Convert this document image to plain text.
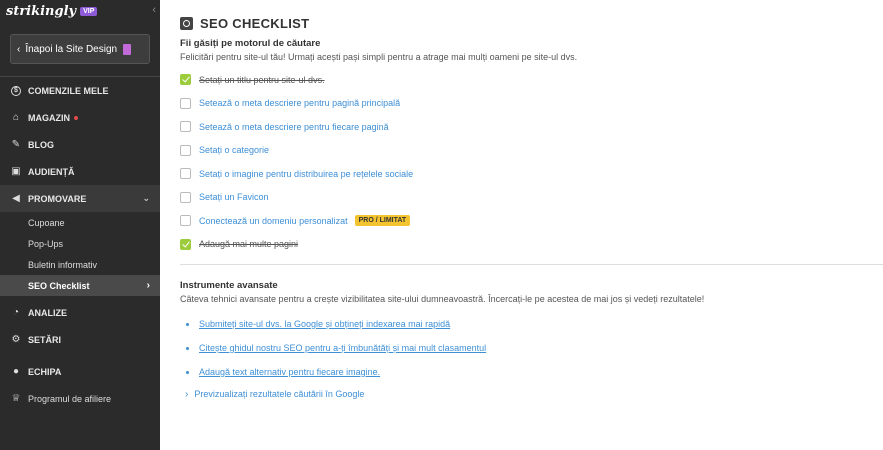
strikingly	VIP	‹
‹ Înapoi la Site Design
$	COMENZILE MELE
⌂ MAGAZIN
✎ BLOG
▣ AUDIENȚĂ
◀ PROMOVARE	⌄
Cupoane
Pop-Ups
Buletin informativ
SEO Checklist	›
◔ ANALIZE
⚙ SETĂRI
● ECHIPA
♕ Programul de afiliere
SEO CHECKLIST
Fii găsiți pe motorul de căutare
Felicitări pentru site-ul tău! Urmați acești pași simpli pentru a atrage mai mulți oameni pe site-ul dvs.
Setați un titlu pentru site-ul dvs.
Setează o meta descriere pentru pagină principală
Setează o meta descriere pentru fiecare pagină
Setați o categorie
Setați o imagine pentru distribuirea pe rețelele sociale
Setați un Favicon
Conectează un domeniu personalizat	PRO / LIMITAT
Adaugă mai multe pagini
Instrumente avansate
Câteva tehnici avansate pentru a crește vizibilitatea site-ului dumneavoastră. Încercați-le pe acestea de mai jos și vedeți rezultatele!
Submiteți site-ul dvs. la Google și obțineți indexarea mai rapidă
Citește ghidul nostru SEO pentru a-ți îmbunătăți și mai mult clasamentul
Adaugă text alternativ pentru fiecare imagine.
› Previzualizați rezultatele căutării în Google
